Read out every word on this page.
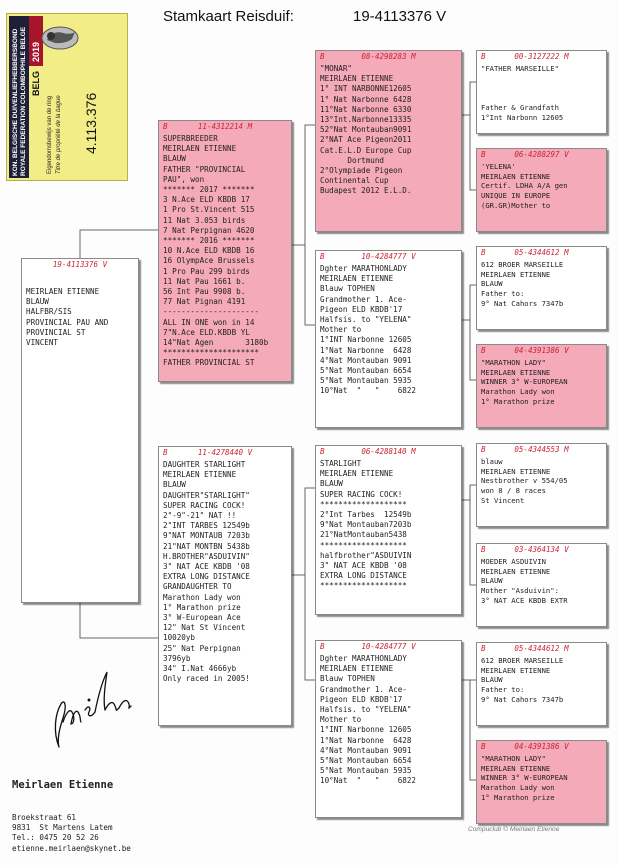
KON. BELGISCHE DUIVENLIEFHEBBERSBOND ROYALE FEDERATION COLOMBOPHILE BELGE 2019
BELG
Eigendomsbewijs van de ring Titre de propriété de la bague 4.113.376
Stamkaart Reisduif:	19-4113376 V
19-4113376 V
MEIRLAEN ETIENNE
BLAUW
HALFBR/SIS
PROVINCIAL PAU AND
PROVINCIAL ST
VINCENT
B	11-4312214 M
SUPERBREEDER
MEIRLAEN ETIENNE
BLAUW
FATHER "PROVINCIAL
PAU", won
******* 2017 *******
3 N.Ace ELD KBDB 17
1 Pro St.Vincent 515
11 Nat 3.053 birds
7 Nat Perpignan 4620
******* 2016 *******
10 N.Ace ELD KBDB 16
16 OlympAce Brussels
1 Pro Pau 299 birds
11 Nat Pau 1661 b.
56 Int Pau 9908 b.
77 Nat Pignan 4191
---------------------
ALL IN ONE won in 14
7"N.Ace ELD.KBDB YL
14"Nat Agen       3180b
*********************
FATHER PROVINCIAL ST
B	11-4278440 V
DAUGHTER STARLIGHT
MEIRLAEN ETIENNE
BLAUW
DAUGHTER"STARLIGHT"
SUPER RACING COCK!
2"-9"-21" NAT !!
2"INT TARBES 12549b
9"NAT MONTAUB 7203b
21"NAT MONTBN 5438b
H.BROTHER"ASDUIVIN"
3" NAT ACE KBDB '08
EXTRA LONG DISTANCE
GRANDAUGHTER TO
Marathon Lady won
1° Marathon prize
3° W-European Ace
12" Nat St Vincent
10020yb
25" Nat Perpignan
3796yb
34" I.Nat 4666yb
Only raced in 2005!
B	08-4298283 M
"MONAR"
MEIRLAEN ETIENNE
1° INT NARBONNE12605
1° Nat Narbonne 6428
11°Nat Narbonne 6330
13°Int.Narbonne13335
52°Nat Montauban9091
2°NAT Ace Pigeon2011
Cat.E.L.D Europe Cup
Dortmund
2°Olympiade Pigeon
Continental Cup
Budapest 2012 E.L.D.
B	10-4284777 V
Dghter MARATHONLADY
MEIRLAEN ETIENNE
Blauw TOPHEN
Grandmother 1. Ace-
Pigeon ELD KBDB'17
Halfsis. to "YELENA"
Mother to
1°INT Narbonne 12605
1°Nat Narbonne  6428
4°Nat Montauban 9091
5°Nat Montauban 6654
5°Nat Montauban 5935
10°Nat  "   "    6822
B	06-4288140 M
STARLIGHT
MEIRLAEN ETIENNE
BLAUW
SUPER RACING COCK!
*******************
2°Int Tarbes  12549b
9°Nat Montauban7203b
21°NatMontauban5438
*******************
halfbrother"ASDUIVIN
3" NAT ACE KBDB '08
EXTRA LONG DISTANCE
*******************
B	10-4284777 V
Dghter MARATHONLADY
MEIRLAEN ETIENNE
Blauw TOPHEN
Grandmother 1. Ace-
Pigeon ELD KBDB'17
Halfsis. to "YELENA"
Mother to
1°INT Narbonne 12605
1°Nat Narbonne  6428
4°Nat Montauban 9091
5°Nat Montauban 6654
5°Nat Montauban 5935
10°Nat  "   "    6822
B	00-3127222 M
"FATHER MARSEILLE"

Father & Grandfath
1°Int Narbonn 12605
B	06-4288297 V
'YELENA'
MEIRLAEN ETIENNE
Certif. LDHA A/A gen
UNIQUE IN EUROPE
(GR.GR)Mother to
B	05-4344612 M
612 BROER MARSEILLE
MEIRLAEN ETIENNE
BLAUW
Father to:
9° Nat Cahors 7347b
B	04-4391386 V
"MARATHON LADY"
MEIRLAEN ETIENNE
WINNER 3° W-EUROPEAN
Marathon Lady won
1° Marathon prize
B	05-4344553 M
blauw
MEIRLAEN ETIENNE
Nestbrother v 554/05
won 8 / 8 races
St Vincent
B	03-4364134 V
MOEDER ASDUIVIN
MEIRLAEN ETIENNE
BLAUW
Mother "Asduivin":
3° NAT ACE KBDB EXTR
B	05-4344612 M
612 BROER MARSEILLE
MEIRLAEN ETIENNE
BLAUW
Father to:
9° Nat Cahors 7347b
B	04-4391386 V
"MARATHON LADY"
MEIRLAEN ETIENNE
WINNER 3° W-EUROPEAN
Marathon Lady won
1° Marathon prize

Meirlaen Etienne

Broekstraat 61
9831  St Martens Latem
Tel.: 0475 20 52 26
etienne.meirlaen@skynet.be

Compuclub © Meirlaen Etienne
